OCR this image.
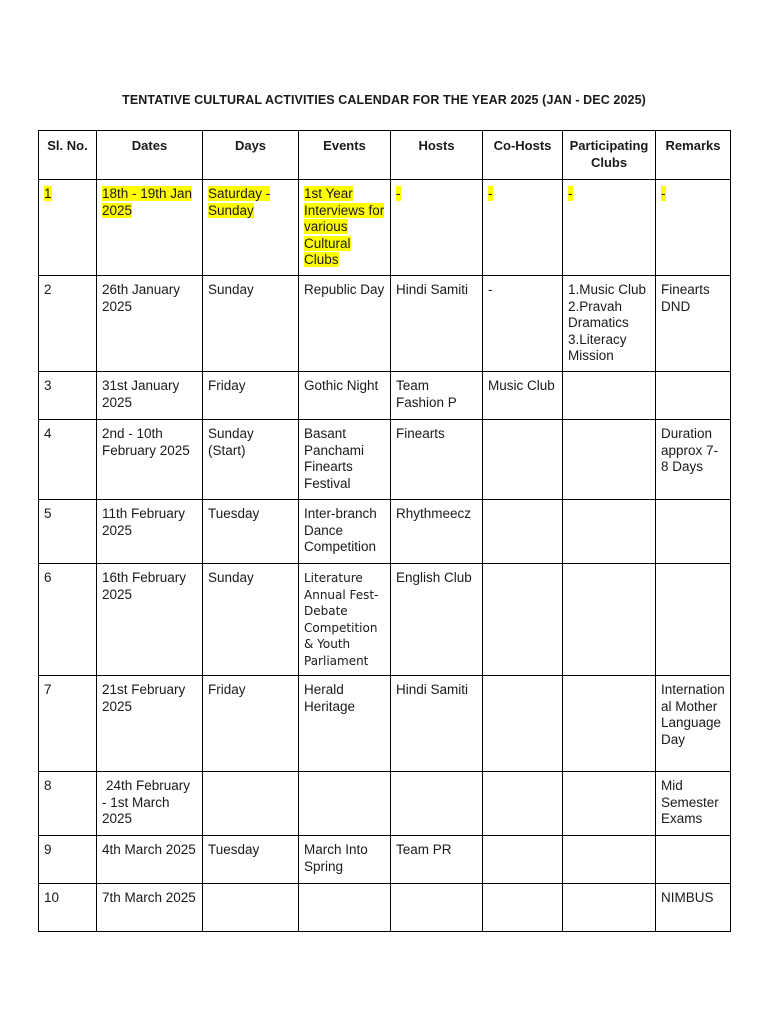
TENTATIVE CULTURAL ACTIVITIES CALENDAR FOR THE YEAR 2025 (JAN - DEC 2025)
Sl. No.	Dates	Days	Events	Hosts	Co-Hosts	Participating Clubs	Remarks
1	18th - 19th Jan 2025	Saturday - Sunday	1st Year Interviews for various Cultural Clubs	-	-	-	-
2	26th January 2025	Sunday	Republic Day	Hindi Samiti	-	1.Music Club
2.Pravah Dramatics
3.Literacy Mission	Finearts DND
3	31st January 2025	Friday	Gothic Night	Team Fashion P	Music Club		
4	2nd - 10th February 2025	Sunday (Start)	Basant Panchami Finearts Festival	Finearts			Duration approx 7-8 Days
5	11th February 2025	Tuesday	Inter-branch Dance Competition	Rhythmeecz			
6	16th February 2025	Sunday	Literature Annual Fest- Debate Competition & Youth Parliament	English Club			
7	21st February 2025	Friday	Herald Heritage	Hindi Samiti			International Mother Language Day
8	24th February - 1st March 2025						Mid Semester Exams
9	4th March 2025	Tuesday	March Into Spring	Team PR			
10	7th March 2025						NIMBUS
